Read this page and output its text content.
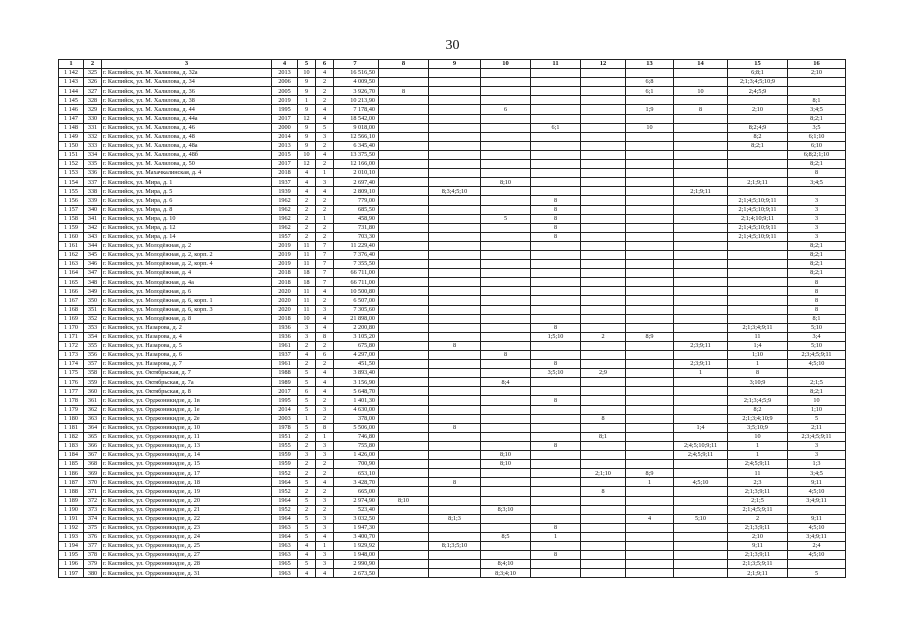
30
1	2	3	4	5	6	7	8	9	10	11	12	13	14	15	16
1 142	325	г. Каспийск, ул. М. Халилова, д. 32а	2013	10	4	16 516,50								6;8;1	2;10
1 143	326	г. Каспийск, ул. М. Халилова, д. 34	2006	9	2	4 009,50						6;8		2;1;3;4;5;10;9	
1 144	327	г. Каспийск, ул. М. Халилова, д. 36	2005	9	2	3 926,70	8					6;1	10	2;4;5;9	
1 145	328	г. Каспийск, ул. М. Халилова, д. 38	2019	1	2	10 213,90									8;1
1 146	329	г. Каспийск, ул. М. Халилова, д. 44	1995	9	4	7 178,40			6			1;9	8	2;10	3;4;5
1 147	330	г. Каспийск, ул. М. Халилова, д. 44а	2017	12	4	18 542,00									8;2;1
1 148	331	г. Каспийск, ул. М. Халилова, д. 46	2000	9	5	9 018,00				6;1		10		8;2;4;9	3;5
1 149	332	г. Каспийск, ул. М. Халилова, д. 48	2014	9	3	12 566,10								8;2	6;1;10
1 150	333	г. Каспийск, ул. М. Халилова, д. 48а	2013	9	2	6 345,40								8;2;1	6;10
1 151	334	г. Каспийск, ул. М. Халилова, д. 48б	2015	10	4	13 375,50									6;8;2;1;10
1 152	335	г. Каспийск, ул. М. Халилова, д. 50	2017	12	2	12 166,00									8;2;1
1 153	336	г. Каспийск, ул. Махачкалинская, д. 4	2018	4	1	2 010,10									8
1 154	337	г. Каспийск, ул. Мира, д. 1	1937	4	3	2 697,40			8;10					2;1;9;11	3;4;5
1 155	338	г. Каспийск, ул. Мира, д. 5	1939	4	4	2 809,10		8;3;4;5;10					2;1;9;11		
1 156	339	г. Каспийск, ул. Мира, д. 6	1962	2	2	779,00				8				2;1;4;5;10;9;11	3
1 157	340	г. Каспийск, ул. Мира, д. 8	1962	2	2	685,50				8				2;1;4;5;10;9;11	3
1 158	341	г. Каспийск, ул. Мира, д. 10	1962	2	1	458,90			5	8				2;1;4;10;9;11	3
1 159	342	г. Каспийск, ул. Мира, д. 12	1962	2	2	731,80				8				2;1;4;5;10;9;11	3
1 160	343	г. Каспийск, ул. Мира, д. 14	1957	2	2	703,30				8				2;1;4;5;10;9;11	3
1 161	344	г. Каспийск, ул. Молодёжная, д. 2	2019	11	7	11 229,40									8;2;1
1 162	345	г. Каспийск, ул. Молодёжная, д. 2, корп. 2	2019	11	7	7 376,40									8;2;1
1 163	346	г. Каспийск, ул. Молодёжная, д. 2, корп. 4	2019	11	7	7 355,50									8;2;1
1 164	347	г. Каспийск, ул. Молодёжная, д. 4	2018	18	7	66 711,00									8;2;1
1 165	348	г. Каспийск, ул. Молодёжная, д. 4а	2018	18	7	66 711,00									8
1 166	349	г. Каспийск, ул. Молодёжная, д. 6	2020	11	4	10 500,80									8
1 167	350	г. Каспийск, ул. Молодёжная, д. 6, корп. 1	2020	11	2	6 507,00									8
1 168	351	г. Каспийск, ул. Молодёжная, д. 6, корп. 3	2020	11	3	7 305,60									8
1 169	352	г. Каспийск, ул. Молодёжная, д. 8	2018	10	4	21 898,00									8;1
1 170	353	г. Каспийск, ул. Назарова, д. 2	1936	3	4	2 200,80				8				2;1;3;4;9;11	5;10
1 171	354	г. Каспийск, ул. Назарова, д. 4	1936	3	8	3 105,20				1;5;10	2	8;9		11	3;4
1 172	355	г. Каспийск, ул. Назарова, д. 5	1961	2	2	675,80		8					2;3;9;11	1;4	5;10
1 173	356	г. Каспийск, ул. Назарова, д. 6	1937	4	6	4 297,00			8					1;10	2;3;4;5;9;11
1 174	357	г. Каспийск, ул. Назарова, д. 7	1961	2	2	451,50				8			2;3;9;11	1	4;5;10
1 175	358	г. Каспийск, ул. Октябрьская, д. 7	1988	5	4	3 893,40				3;5;10	2;9		1	8	
1 176	359	г. Каспийск, ул. Октябрьская, д. 7а	1989	5	4	3 156,90			8;4					3;10;9	2;1;5
1 177	360	г. Каспийск, ул. Октябрьская, д. 8	2017	6	4	5 648,70									8;2;1
1 178	361	г. Каспийск, ул. Орджоникидзе, д. 1в	1995	5	2	1 401,30				8				2;1;3;4;5;9	10
1 179	362	г. Каспийск, ул. Орджоникидзе, д. 1е	2014	5	3	4 630,00								8;2	1;10
1 180	363	г. Каспийск, ул. Орджоникидзе, д. 2е	2003	1	2	378,00					8			2;1;3;4;10;9	5
1 181	364	г. Каспийск, ул. Орджоникидзе, д. 10	1978	5	8	5 506,00		8					1;4	3;5;10;9	2;11
1 182	365	г. Каспийск, ул. Орджоникидзе, д. 11	1951	2	1	746,80					8;1			10	2;3;4;5;9;11
1 183	366	г. Каспийск, ул. Орджоникидзе, д. 13	1955	2	3	755,80				8			2;4;5;10;9;11	1	3
1 184	367	г. Каспийск, ул. Орджоникидзе, д. 14	1959	3	3	1 426,00			8;10				2;4;5;9;11	1	3
1 185	368	г. Каспийск, ул. Орджоникидзе, д. 15	1959	2	2	700,90			8;10					2;4;5;9;11	1;3
1 186	369	г. Каспийск, ул. Орджоникидзе, д. 17	1952	2	2	653,10					2;1;10	8;9		11	3;4;5
1 187	370	г. Каспийск, ул. Орджоникидзе, д. 18	1964	5	4	3 428,70		8				1	4;5;10	2;3	9;11
1 188	371	г. Каспийск, ул. Орджоникидзе, д. 19	1952	2	2	665,00					8			2;1;3;9;11	4;5;10
1 189	372	г. Каспийск, ул. Орджоникидзе, д. 20	1964	5	3	2 974,90	8;10							2;1;5	3;4;9;11
1 190	373	г. Каспийск, ул. Орджоникидзе, д. 21	1952	2	2	523,40			8;3;10					2;1;4;5;9;11	
1 191	374	г. Каспийск, ул. Орджоникидзе, д. 22	1964	5	3	3 032,50		8;1;3				4	5;10	2	9;11
1 192	375	г. Каспийск, ул. Орджоникидзе, д. 23	1963	5	3	1 947,30				8				2;1;3;9;11	4;5;10
1 193	376	г. Каспийск, ул. Орджоникидзе, д. 24	1964	5	4	3 400,70			8;5	1				2;10	3;4;9;11
1 194	377	г. Каспийск, ул. Орджоникидзе, д. 25	1963	4	1	1 929,92		8;1;3;5;10						9;11	2;4
1 195	378	г. Каспийск, ул. Орджоникидзе, д. 27	1963	4	3	1 948,00				8				2;1;3;9;11	4;5;10
1 196	379	г. Каспийск, ул. Орджоникидзе, д. 28	1965	5	3	2 990,90			8;4;10					2;1;3;5;9;11	
1 197	380	г. Каспийск, ул. Орджоникидзе, д. 31	1963	4	4	2 673,50			8;3;4;10					2;1;9;11	5
